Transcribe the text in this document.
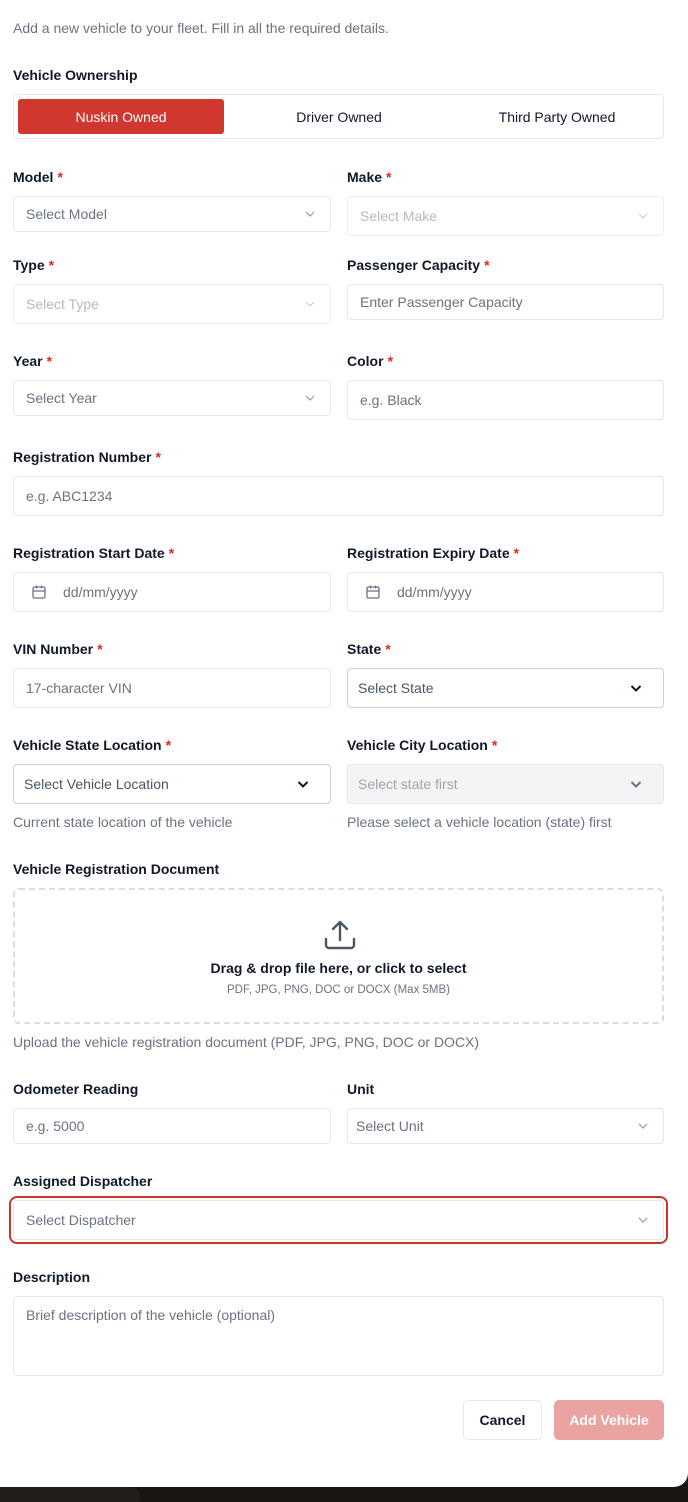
Add a new vehicle to your fleet. Fill in all the required details.
Vehicle Ownership
Nuskin Owned	Driver Owned	Third Party Owned
Model *
Select Model
Make *
Select Make
Type *
Select Type
Passenger Capacity *
Enter Passenger Capacity
Year *
Select Year
Color *
e.g. Black
Registration Number *
e.g. ABC1234
Registration Start Date *
dd/mm/yyyy
Registration Expiry Date *
dd/mm/yyyy
VIN Number *
17-character VIN
State *
Select State
Vehicle State Location *
Select Vehicle Location
Current state location of the vehicle
Vehicle City Location *
Select state first
Please select a vehicle location (state) first
Vehicle Registration Document
Drag & drop file here, or click to select
PDF, JPG, PNG, DOC or DOCX (Max 5MB)
Upload the vehicle registration document (PDF, JPG, PNG, DOC or DOCX)
Odometer Reading
e.g. 5000
Unit
Select Unit
Assigned Dispatcher
Select Dispatcher
Description
Brief description of the vehicle (optional)
Cancel	Add Vehicle
